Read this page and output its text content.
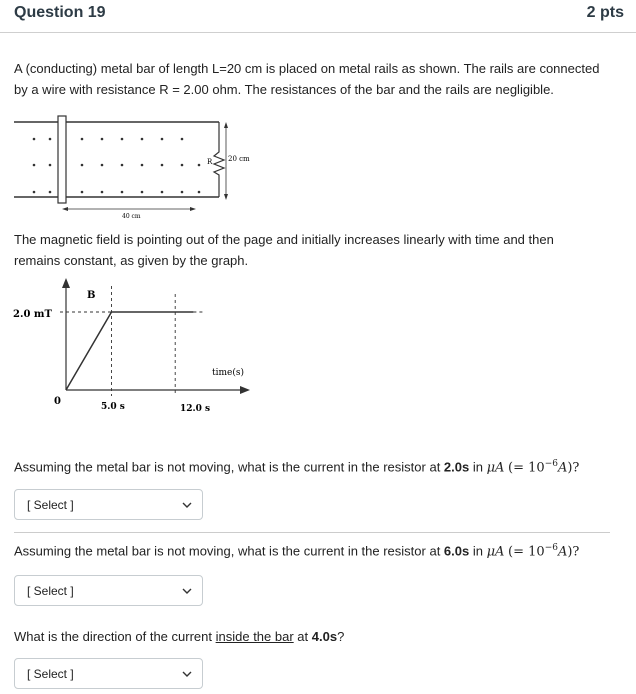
Question 19	2 pts
A (conducting) metal bar of length L=20 cm is placed on metal rails as shown. The rails are connected
by a wire with resistance R = 2.00 ohm. The resistances of the bar and the rails are negligible.
R 20 cm
40 cm
The magnetic field is pointing out of the page and initially increases linearly with time and then
remains constant, as given by the graph.
B
2.0 mT
0	5.0 s	12.0 s
time(s)
Assuming the metal bar is not moving, what is the current in the resistor at 2.0s in μA (= $10^{-6}A$)?
[ Select ]
Assuming the metal bar is not moving, what is the current in the resistor at 6.0s in μA (= $10^{-6}A$)?
[ Select ]
What is the direction of the current inside the bar at 4.0s?
[ Select ]
